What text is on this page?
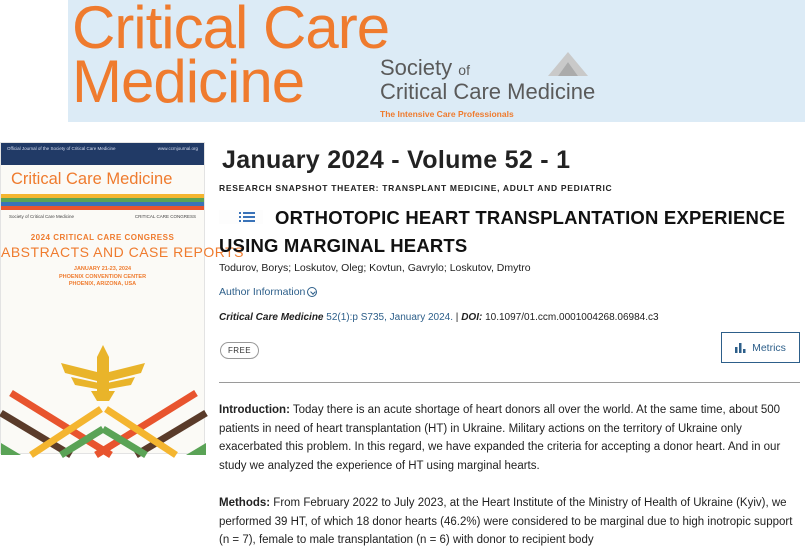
Critical Care
Medicine	Society of
Critical Care Medicine
The Intensive Care Professionals
Official Journal of the Society of Critical Care Medicine	www.ccmjournal.org
Critical Care Medicine
Society of Critical Care Medicine	CRITICAL CARE CONGRESS
2024 CRITICAL CARE CONGRESS
ABSTRACTS AND CASE REPORTS
JANUARY 21-23, 2024
PHOENIX CONVENTION CENTER
PHOENIX, ARIZONA, USA
January 2024 - Volume 52 - 1
RESEARCH SNAPSHOT THEATER: TRANSPLANT MEDICINE, ADULT AND PEDIATRIC
ORTHOTOPIC HEART TRANSPLANTATION EXPERIENCE USING MARGINAL HEARTS
Todurov, Borys; Loskutov, Oleg; Kovtun, Gavrylo; Loskutov, Dmytro
Author Information
Critical Care Medicine 52(1):p S735, January 2024. | DOI: 10.1097/01.ccm.0001004268.06984.c3
FREE	Metrics
Introduction: Today there is an acute shortage of heart donors all over the world. At the same time, about 500 patients in need of heart transplantation (HT) in Ukraine. Military actions on the territory of Ukraine only exacerbated this problem. In this regard, we have expanded the criteria for accepting a donor heart. And in our study we analyzed the experience of HT using marginal hearts.
Methods: From February 2022 to July 2023, at the Heart Institute of the Ministry of Health of Ukraine (Kyiv), we performed 39 HT, of which 18 donor hearts (46.2%) were considered to be marginal due to high inotropic support (n = 7), female to male transplantation (n = 6) with donor to recipient body
